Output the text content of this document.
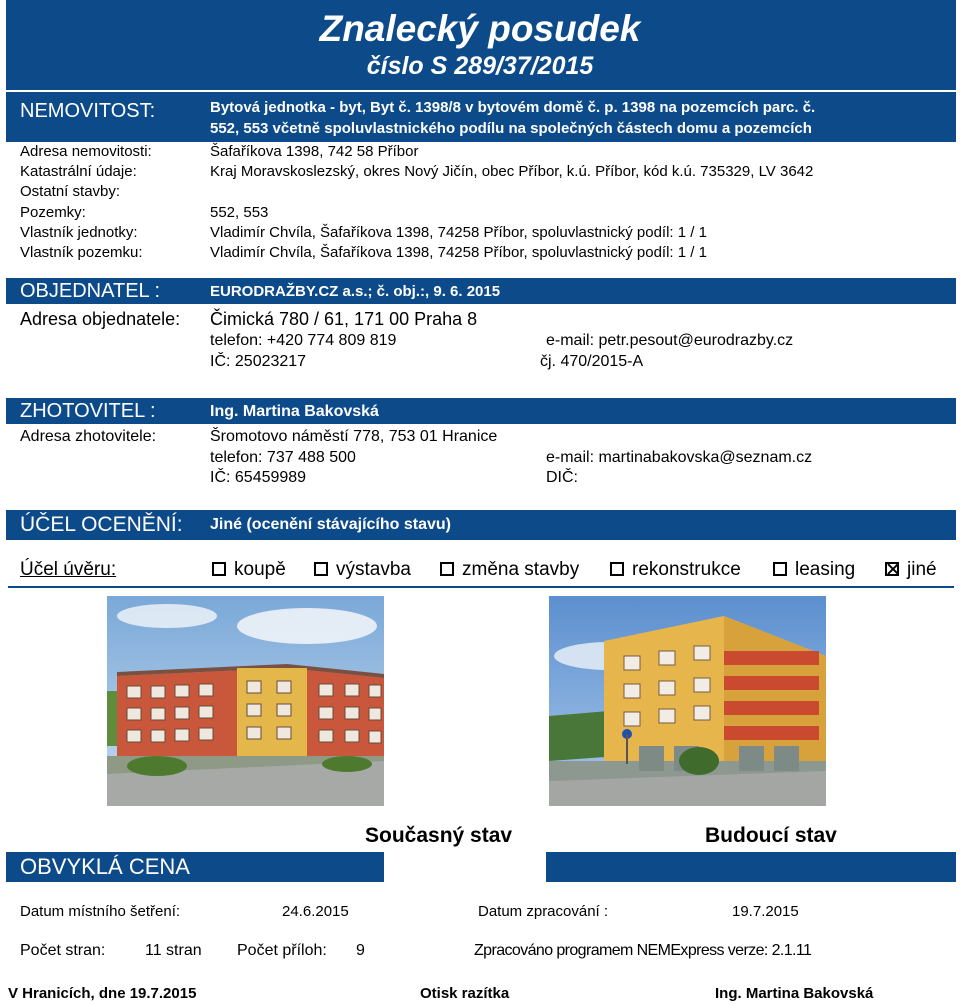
Znalecký posudek
číslo S 289/37/2015
NEMOVITOST:	Bytová jednotka - byt, Byt č. 1398/8 v bytovém domě č. p. 1398 na pozemcích parc. č.
552, 553 včetně spoluvlastnického podílu na společných částech domu a pozemcích
Adresa nemovitosti:	Šafaříkova 1398, 742 58 Příbor
Katastrální údaje:	Kraj Moravskoslezský, okres Nový Jičín, obec Příbor, k.ú. Příbor, kód k.ú. 735329, LV 3642
Ostatní stavby:
Pozemky:	552, 553
Vlastník jednotky:	Vladimír Chvíla, Šafaříkova 1398, 74258 Příbor, spoluvlastnický podíl: 1 / 1
Vlastník pozemku:	Vladimír Chvíla, Šafaříkova 1398, 74258 Příbor, spoluvlastnický podíl: 1 / 1
OBJEDNATEL :	EURODRAŽBY.CZ a.s.; č. obj.:, 9. 6. 2015
Adresa objednatele: Čimická 780 / 61, 171 00 Praha 8
telefon: +420 774 809 819	e-mail: petr.pesout@eurodrazby.cz
IČ: 25023217	čj. 470/2015-A
ZHOTOVITEL :	Ing. Martina Bakovská
Adresa zhotovitele:	Šromotovo náměstí 778, 753 01 Hranice
telefon: 737 488 500	e-mail: martinabakovska@seznam.cz
IČ: 65459989	DIČ:
ÚČEL OCENĚNÍ: Jiné (ocenění stávajícího stavu)
Účel úvěru:	koupě	výstavba	změna stavby	rekonstrukce	leasing	jiné
Současný stav	Budoucí stav
OBVYKLÁ CENA	310 000 Kč
Datum místního šetření:	24.6.2015	Datum zpracování :	19.7.2015
Počet stran: 11 stran Počet příloh: 9	Zpracováno programem NEMExpress verze: 2.1.11
V Hranicích, dne 19.7.2015	Otisk razítka	Ing. Martina Bakovská
